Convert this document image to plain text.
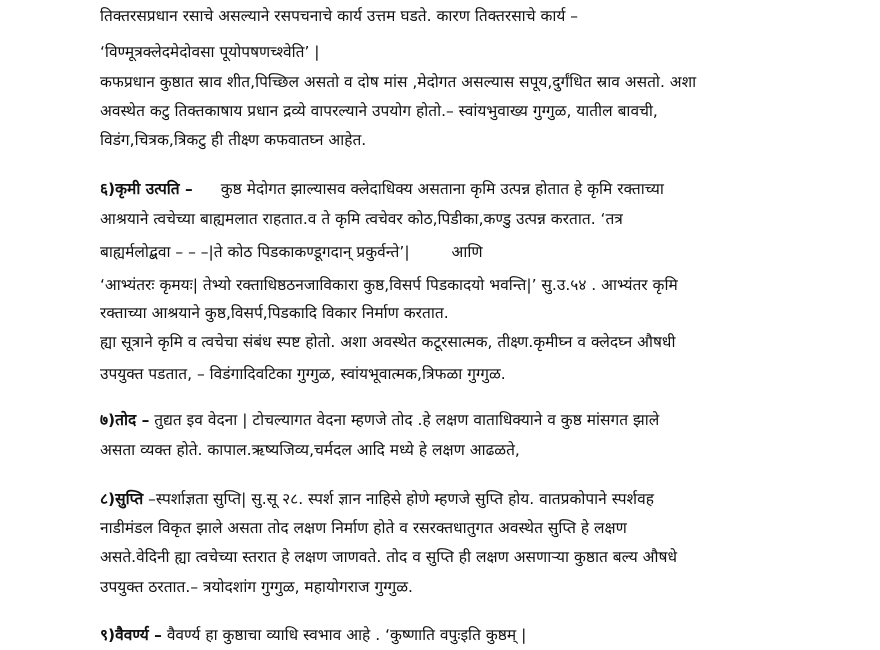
तिक्तरसप्रधान रसाचे असल्याने रसपचनाचे कार्य उत्तम घडते. कारण तिक्तरसाचे कार्य –
‘विण्मूत्रक्लेदमेदोवसा पूयोपषणच्श्वेति’ |
कफप्रधान कुष्ठात स्राव शीत,पिच्छिल असतो व दोष मांस ,मेदोगत असल्यास सपूय,दुर्गंधित स्राव असतो. अशा
अवस्थेत कटु तिक्तकाषाय प्रधान द्रव्ये वापरल्याने उपयोग होतो.– स्वांयभुवाख्य गुग्गुळ, यातील बावची,
विडंग,चित्रक,त्रिकटु ही तीक्ष्ण कफवातघ्न आहेत.
६)कृमी उत्पति – कुष्ठ मेदोगत झाल्यासव क्लेदाधिक्य असताना कृमि उत्पन्न होतात हे कृमि रक्ताच्या
आश्रयाने त्वचेच्या बाह्यमलात राहतात.व ते कृमि त्वचेवर कोठ,पिडीका,कण्डु उत्पन्न करतात. ‘तत्र
बाह्यर्मलोद्बवा – – –|ते कोठ पिडकाकण्डूगदान् प्रकुर्वन्ते’|	आणि
‘आभ्यंतरः कृमयः| तेभ्यो रक्ताधिष्ठठनजाविकारा कुष्ठ,विसर्प पिडकादयो भवन्ति|’ सु.उ.५४ . आभ्यंतर कृमि
रक्ताच्या आश्रयाने कुष्ठ,विसर्प,पिडकादि विकार निर्माण करतात.
ह्या सूत्राने कृमि व त्वचेचा संबंध स्पष्ट होतो. अशा अवस्थेत कटूरसात्मक, तीक्ष्ण.कृमीघ्न व क्लेदघ्न औषधी
उपयुक्त पडतात, – विडंगादिवटिका गुग्गुळ, स्वांयभूवात्मक,त्रिफळा गुग्गुळ.
७)तोद – तुद्यत इव वेदना | टोचल्यागत वेदना म्हणजे तोद .हे लक्षण वाताधिक्याने व कुष्ठ मांसगत झाले
असता व्यक्त होते. कापाल.ऋष्यजिव्य,चर्मदल आदि मध्ये हे लक्षण आढळते,
८)सुप्ति –स्पर्शाज्ञता सुप्ति| सु.सू २८. स्पर्श ज्ञान नाहिसे होणे म्हणजे सुप्ति होय. वातप्रकोपाने स्पर्शवह
नाडीमंडल विकृत झाले असता तोद लक्षण निर्माण होते व रसरक्तधातुगत अवस्थेत सुप्ति हे लक्षण
असते.वेदिनी ह्या त्वचेच्या स्तरात हे लक्षण जाणवते. तोद व सुप्ति ही लक्षण असणाऱ्या कुष्ठात बल्य औषधे
उपयुक्त ठरतात.– त्रयोदशांग गुग्गुळ, महायोगराज गुग्गुळ.
९)वैवर्ण्य – वैवर्ण्य हा कुष्ठाचा व्याधि स्वभाव आहे . ‘कुष्णाति वपुःइति कुष्ठम् |
